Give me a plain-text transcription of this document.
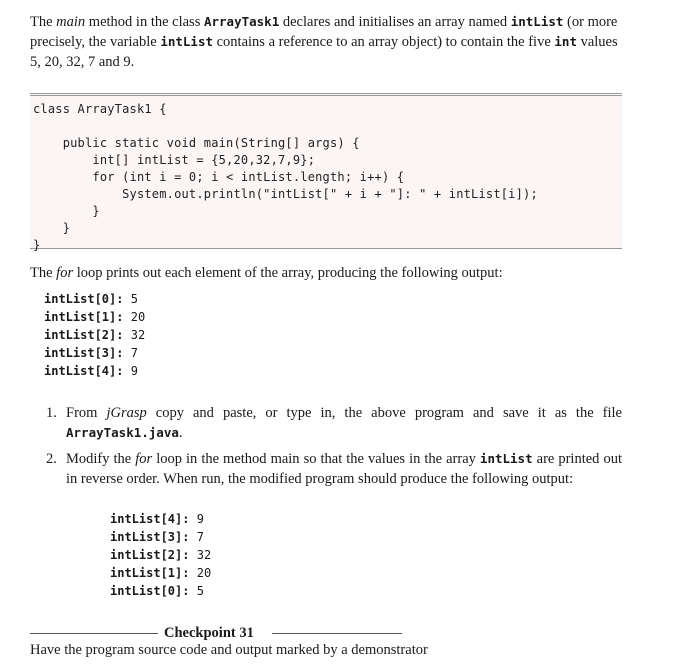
The main method in the class ArrayTask1 declares and initialises an array named intList (or more precisely, the variable intList contains a reference to an array object) to contain the five int values 5, 20, 32, 7 and 9.

class ArrayTask1 {

public static void main(String[] args) {
int[] intList = {5,20,32,7,9};
for (int i = 0; i < intList.length; i++) {
System.out.println("intList[" + i + "]: " + intList[i]);
}
}
}

The for loop prints out each element of the array, producing the following output:

intList[0]: 5
intList[1]: 20
intList[2]: 32
intList[3]: 7
intList[4]: 9
1. From jGrasp copy and paste, or type in, the above program and save it as the file ArrayTask1.java.
2. Modify the for loop in the method main so that the values in the array intList are printed out in reverse order. When run, the modified program should produce the following output:
intList[4]: 9
intList[3]: 7
intList[2]: 32
intList[1]: 20
intList[0]: 5
Checkpoint 31

Have the program source code and output marked by a demonstrator
